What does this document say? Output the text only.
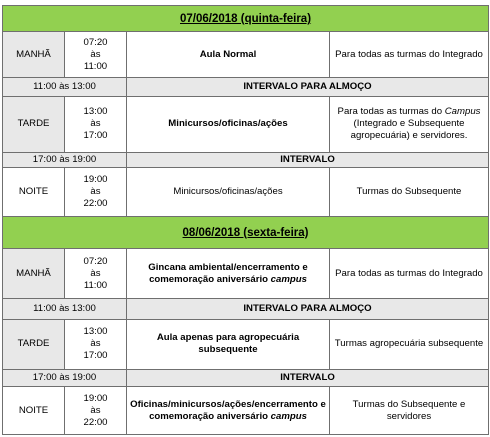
07/06/2018 (quinta-feira)			
MANHÃ	07:20
às
11:00	Aula Normal	Para todas as turmas do Integrado
11:00 às 13:00		INTERVALO PARA ALMOÇO	
TARDE	13:00
às
17:00	Minicursos/oficinas/ações	Para todas as turmas do Campus (Integrado e Subsequente agropecuária) e servidores.
17:00 às 19:00		INTERVALO	
NOITE	19:00
às
22:00	Minicursos/oficinas/ações	Turmas do Subsequente
08/06/2018 (sexta-feira)			
MANHÃ	07:20
às
11:00	Gincana ambiental/encerramento e comemoração aniversário campus	Para todas as turmas do Integrado
11:00 às 13:00		INTERVALO PARA ALMOÇO	
TARDE	13:00
às
17:00	Aula apenas para agropecuária subsequente	Turmas agropecuária subsequente
17:00 às 19:00		INTERVALO	
NOITE	19:00
às
22:00	Oficinas/minicursos/ações/encerramento e comemoração aniversário campus	Turmas do Subsequente e servidores
